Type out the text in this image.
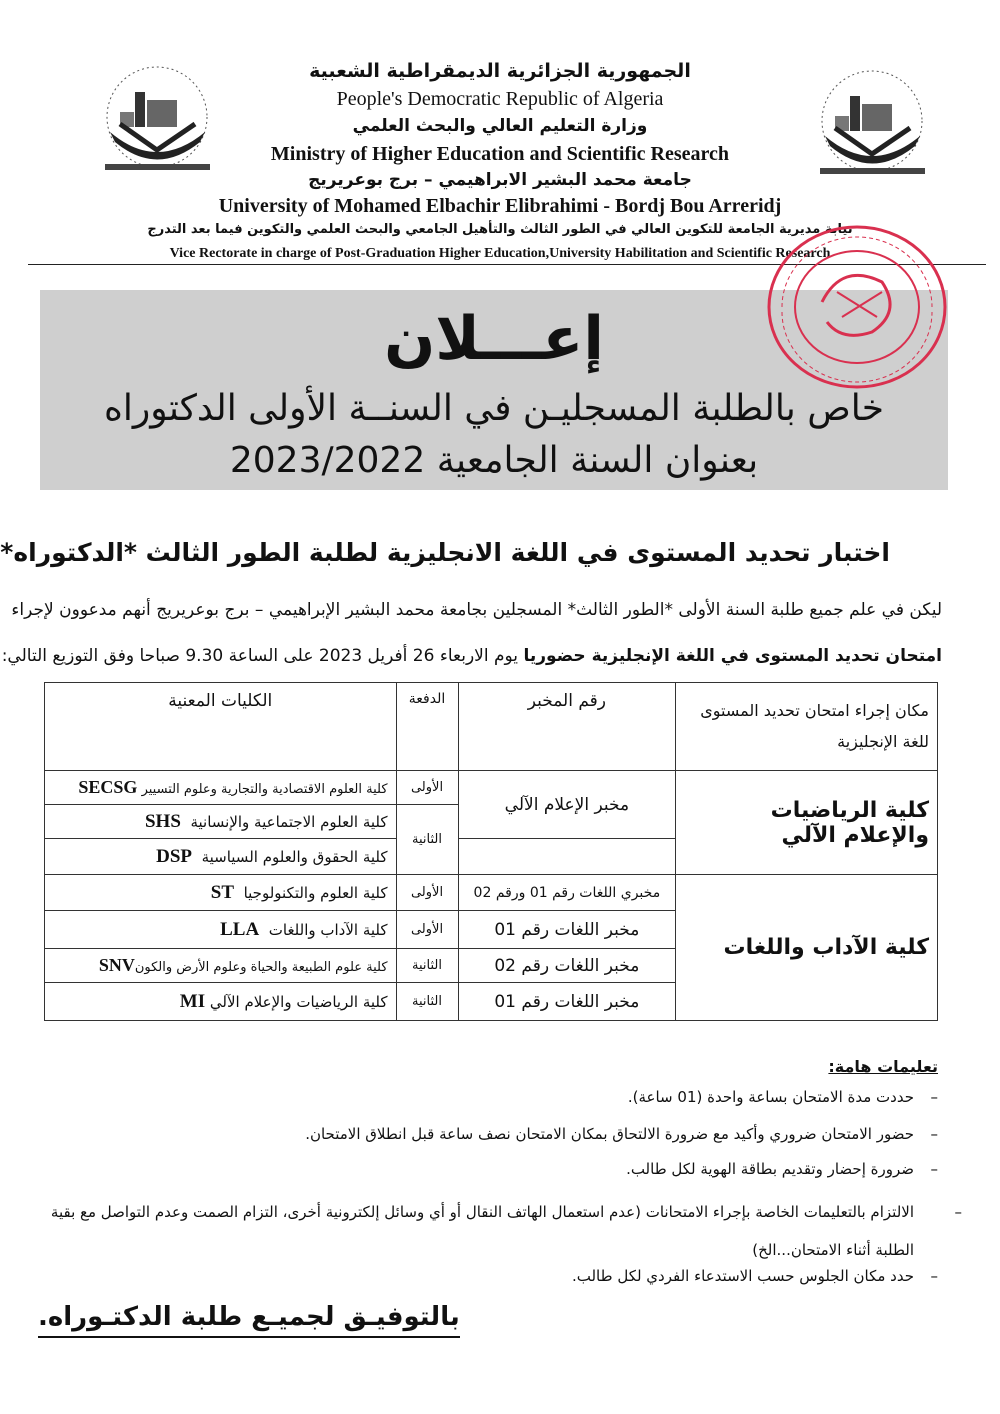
الجمهورية الجزائرية الديمقراطية الشعبية
People's Democratic Republic of Algeria
وزارة التعليم العالي والبحث العلمي
Ministry of Higher Education and Scientific Research
جامعة محمد البشير الابراهيمي – برج بوعريريج
University of Mohamed Elbachir Elibrahimi - Bordj Bou Arreridj
نيابة مديرية الجامعة للتكوين العالي في الطور الثالث والتأهيل الجامعي والبحث العلمي والتكوين فيما بعد التدرج
Vice Rectorate in charge of Post-Graduation Higher Education,University Habilitation and Scientific Research
إعـــلان
خاص بالطلبة المسجليـن في السنــة الأولى الدكتوراه
بعنوان السنة الجامعية 2023/2022
اختبار تحديد المستوى في اللغة الانجليزية لطلبة الطور الثالث *الدكتوراه*
ليكن في علم جميع طلبة السنة الأولى *الطور الثالث* المسجلين بجامعة محمد البشير الإبراهيمي – برج بوعريريج أنهم مدعوون لإجراء
امتحان تحديد المستوى في اللغة الإنجليزية حضوريا يوم الاربعاء 26 أفريل 2023 على الساعة 9.30 صباحا وفق التوزيع التالي:
الكليات المعنية	الدفعة	رقم المخبر	مكان إجراء امتحان تحديد المستوى للغة الإنجليزية
كلية العلوم الاقتصادية والتجارية وعلوم التسيير SECSG	الأولى	مخبر الإعلام الآلي	كلية الرياضيات والإعلام الآلي
كلية العلوم الاجتماعية والإنسانية  SHS	الثانية		
كلية الحقوق والعلوم السياسية  DSP			
كلية العلوم والتكنولوجيا  ST	الأولى	مخبري اللغات رقم 01 ورقم 02	كلية الآداب واللغات
كلية الآداب واللغات  LLA	الأولى	مخبر اللغات رقم 01	
كلية علوم الطبيعة والحياة وعلوم الأرض والكونSNV	الثانية	مخبر اللغات رقم 02	
كلية الرياضيات والإعلام الآلي MI	الثانية	مخبر اللغات رقم 01	
تعليمات هامة:
–حددت مدة الامتحان بساعة واحدة (01 ساعة).
–حضور الامتحان ضروري وأكيد مع ضرورة الالتحاق بمكان الامتحان نصف ساعة قبل انطلاق الامتحان.
–ضرورة إحضار وتقديم بطاقة الهوية لكل طالب.
–الالتزام بالتعليمات الخاصة بإجراء الامتحانات (عدم استعمال الهاتف النقال أو أي وسائل إلكترونية أخرى، التزام الصمت وعدم التواصل مع بقية الطلبة أثناء الامتحان...الخ)
–حدد مكان الجلوس حسب الاستدعاء الفردي لكل طالب.
بالتوفيـق لجميـع طلبة الدكتـوراه.
